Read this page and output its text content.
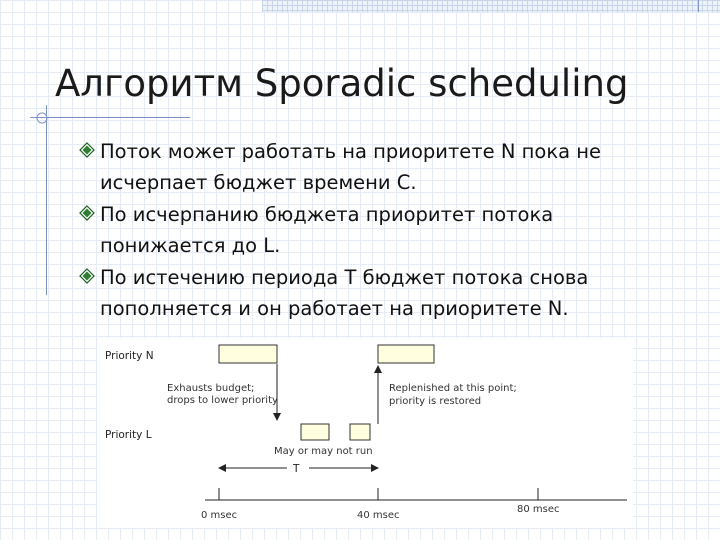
Алгоритм Sporadic scheduling
Поток может работать на приоритете N пока не
исчерпает бюджет времени С.
По исчерпанию бюджета приоритет потока
понижается до L.
По истечению периода Т бюджет потока снова
пополняется и он работает на приоритете N.
Priority N
Priority L
Exhausts budget;
drops to lower priority
Replenished at this point;
priority is restored
May or may not run
T
0 msec	40 msec
80 msec
